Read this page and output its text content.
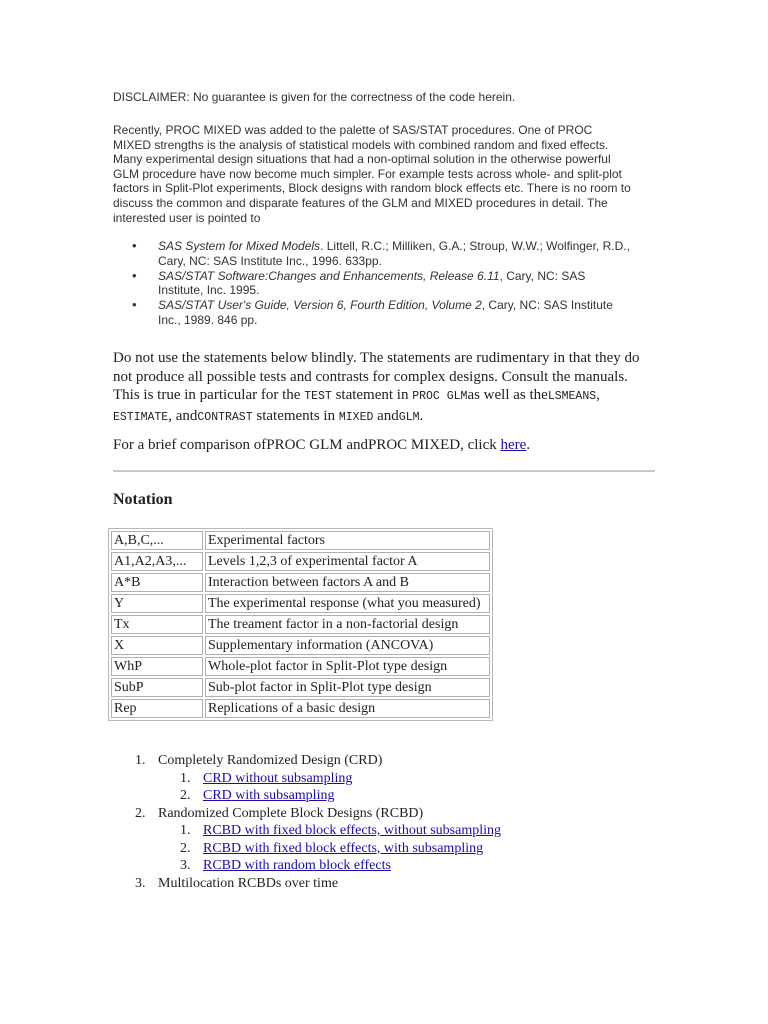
DISCLAIMER: No guarantee is given for the correctness of the code herein.
Recently, PROC MIXED was added to the palette of SAS/STAT procedures. One of PROC
MIXED strengths is the analysis of statistical models with combined random and fixed effects.
Many experimental design situations that had a non-optimal solution in the otherwise powerful
GLM procedure have now become much simpler. For example tests across whole- and split-plot
factors in Split-Plot experiments, Block designs with random block effects etc. There is no room to
discuss the common and disparate features of the GLM and MIXED procedures in detail. The
interested user is pointed to
• SAS System for Mixed Models. Littell, R.C.; Milliken, G.A.; Stroup, W.W.; Wolfinger, R.D.,
Cary, NC: SAS Institute Inc., 1996. 633pp.
• SAS/STAT Software:Changes and Enhancements, Release 6.11, Cary, NC: SAS
Institute, Inc. 1995.
• SAS/STAT User's Guide, Version 6, Fourth Edition, Volume 2, Cary, NC: SAS Institute
Inc., 1989. 846 pp.
Do not use the statements below blindly. The statements are rudimentary in that they do
not produce all possible tests and contrasts for complex designs. Consult the manuals.
This is true in particular for the TEST statement in PROC GLMas well as theLSMEANS,
ESTIMATE, andCONTRAST statements in MIXED andGLM.
For a brief comparison ofPROC GLM andPROC MIXED, click here.
Notation
A,B,C,...	Experimental factors
A1,A2,A3,...	Levels 1,2,3 of experimental factor A
A*B	Interaction between factors A and B
Y	The experimental response (what you measured)
Tx	The treament factor in a non-factorial design
X	Supplementary information (ANCOVA)
WhP	Whole-plot factor in Split-Plot type design
SubP	Sub-plot factor in Split-Plot type design
Rep	Replications of a basic design
1. Completely Randomized Design (CRD)
1. CRD without subsampling
2. CRD with subsampling
2. Randomized Complete Block Designs (RCBD)
1. RCBD with fixed block effects, without subsampling
2. RCBD with fixed block effects, with subsampling
3. RCBD with random block effects
3. Multilocation RCBDs over time
